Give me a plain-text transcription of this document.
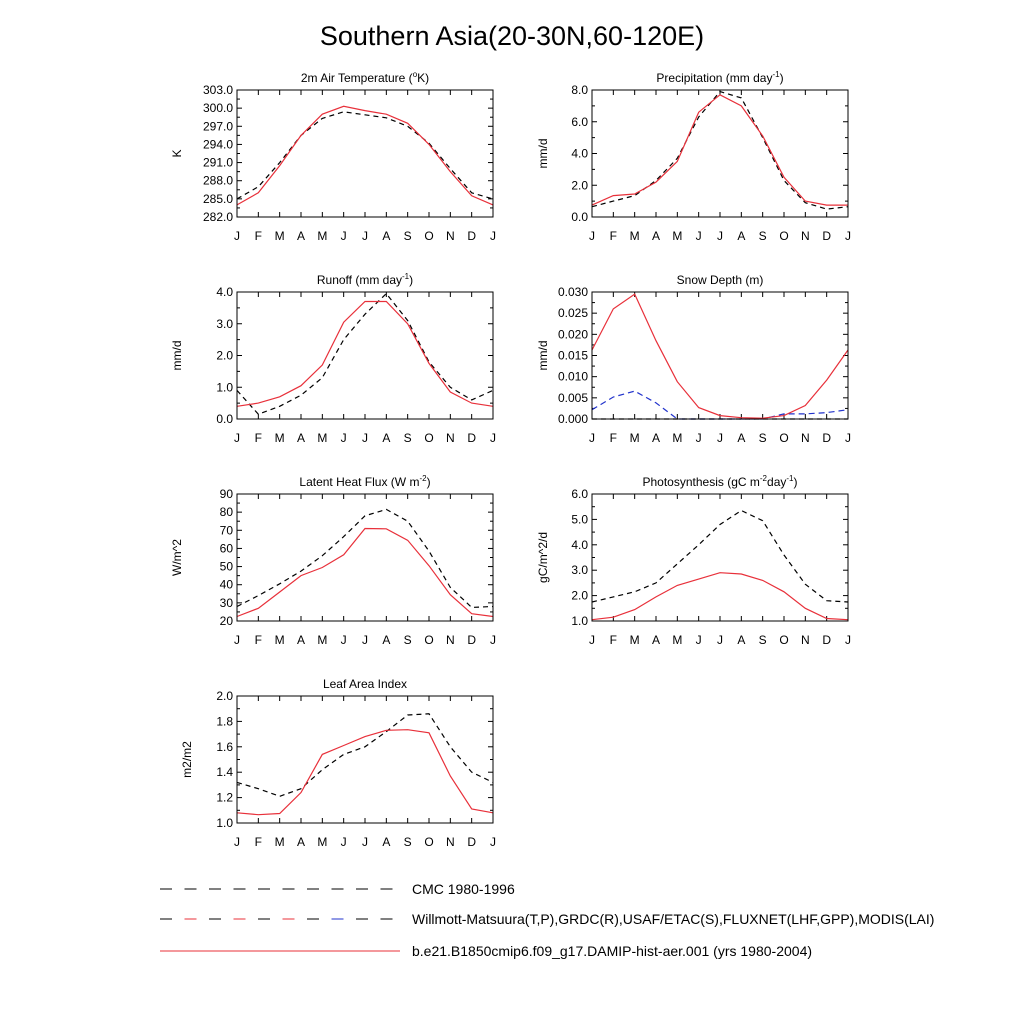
Southern Asia(20-30N,60-120E)
2m Air Temperature ($^o$K)
303.0
300.0
297.0
294.0
291.0
288.0
285.0
282.0
J F M A M J J A S O N D J
K
Precipitation (mm day$^{-1}$)
8.0
6.0
4.0
2.0
0.0
J F M A M J J A S O N D J
mm/d
Runoff (mm day$^{-1}$)
4.0
3.0
2.0
1.0
0.0
J F M A M J J A S O N D J
mm/d
Snow Depth (m)
0.030
0.025
0.020
0.015
0.010
0.005
0.000
J F M A M J J A S O N D J
mm/d
Latent Heat Flux (W $m^{-2}$)
90
80
70
60
50
40
30
20
J F M A M J J A S O N D J
W/m^2
Photosynthesis (gC $m^{-2}day^{-1}$)
6.0
5.0
4.0
3.0
2.0
1.0
J F M A M J J A S O N D J
gC/m^2/d
Leaf Area Index
2.0
1.8
1.6
1.4
1.2
1.0
J F M A M J J A S O N D J
m2/m2
CMC 1980-1996
Willmott-Matsuura(T,P),GRDC(R),USAF/ETAC(S),FLUXNET(LHF,GPP),MODIS(LAI)
b.e21.B1850cmip6.f09_g17.DAMIP-hist-aer.001 (yrs 1980-2004)
